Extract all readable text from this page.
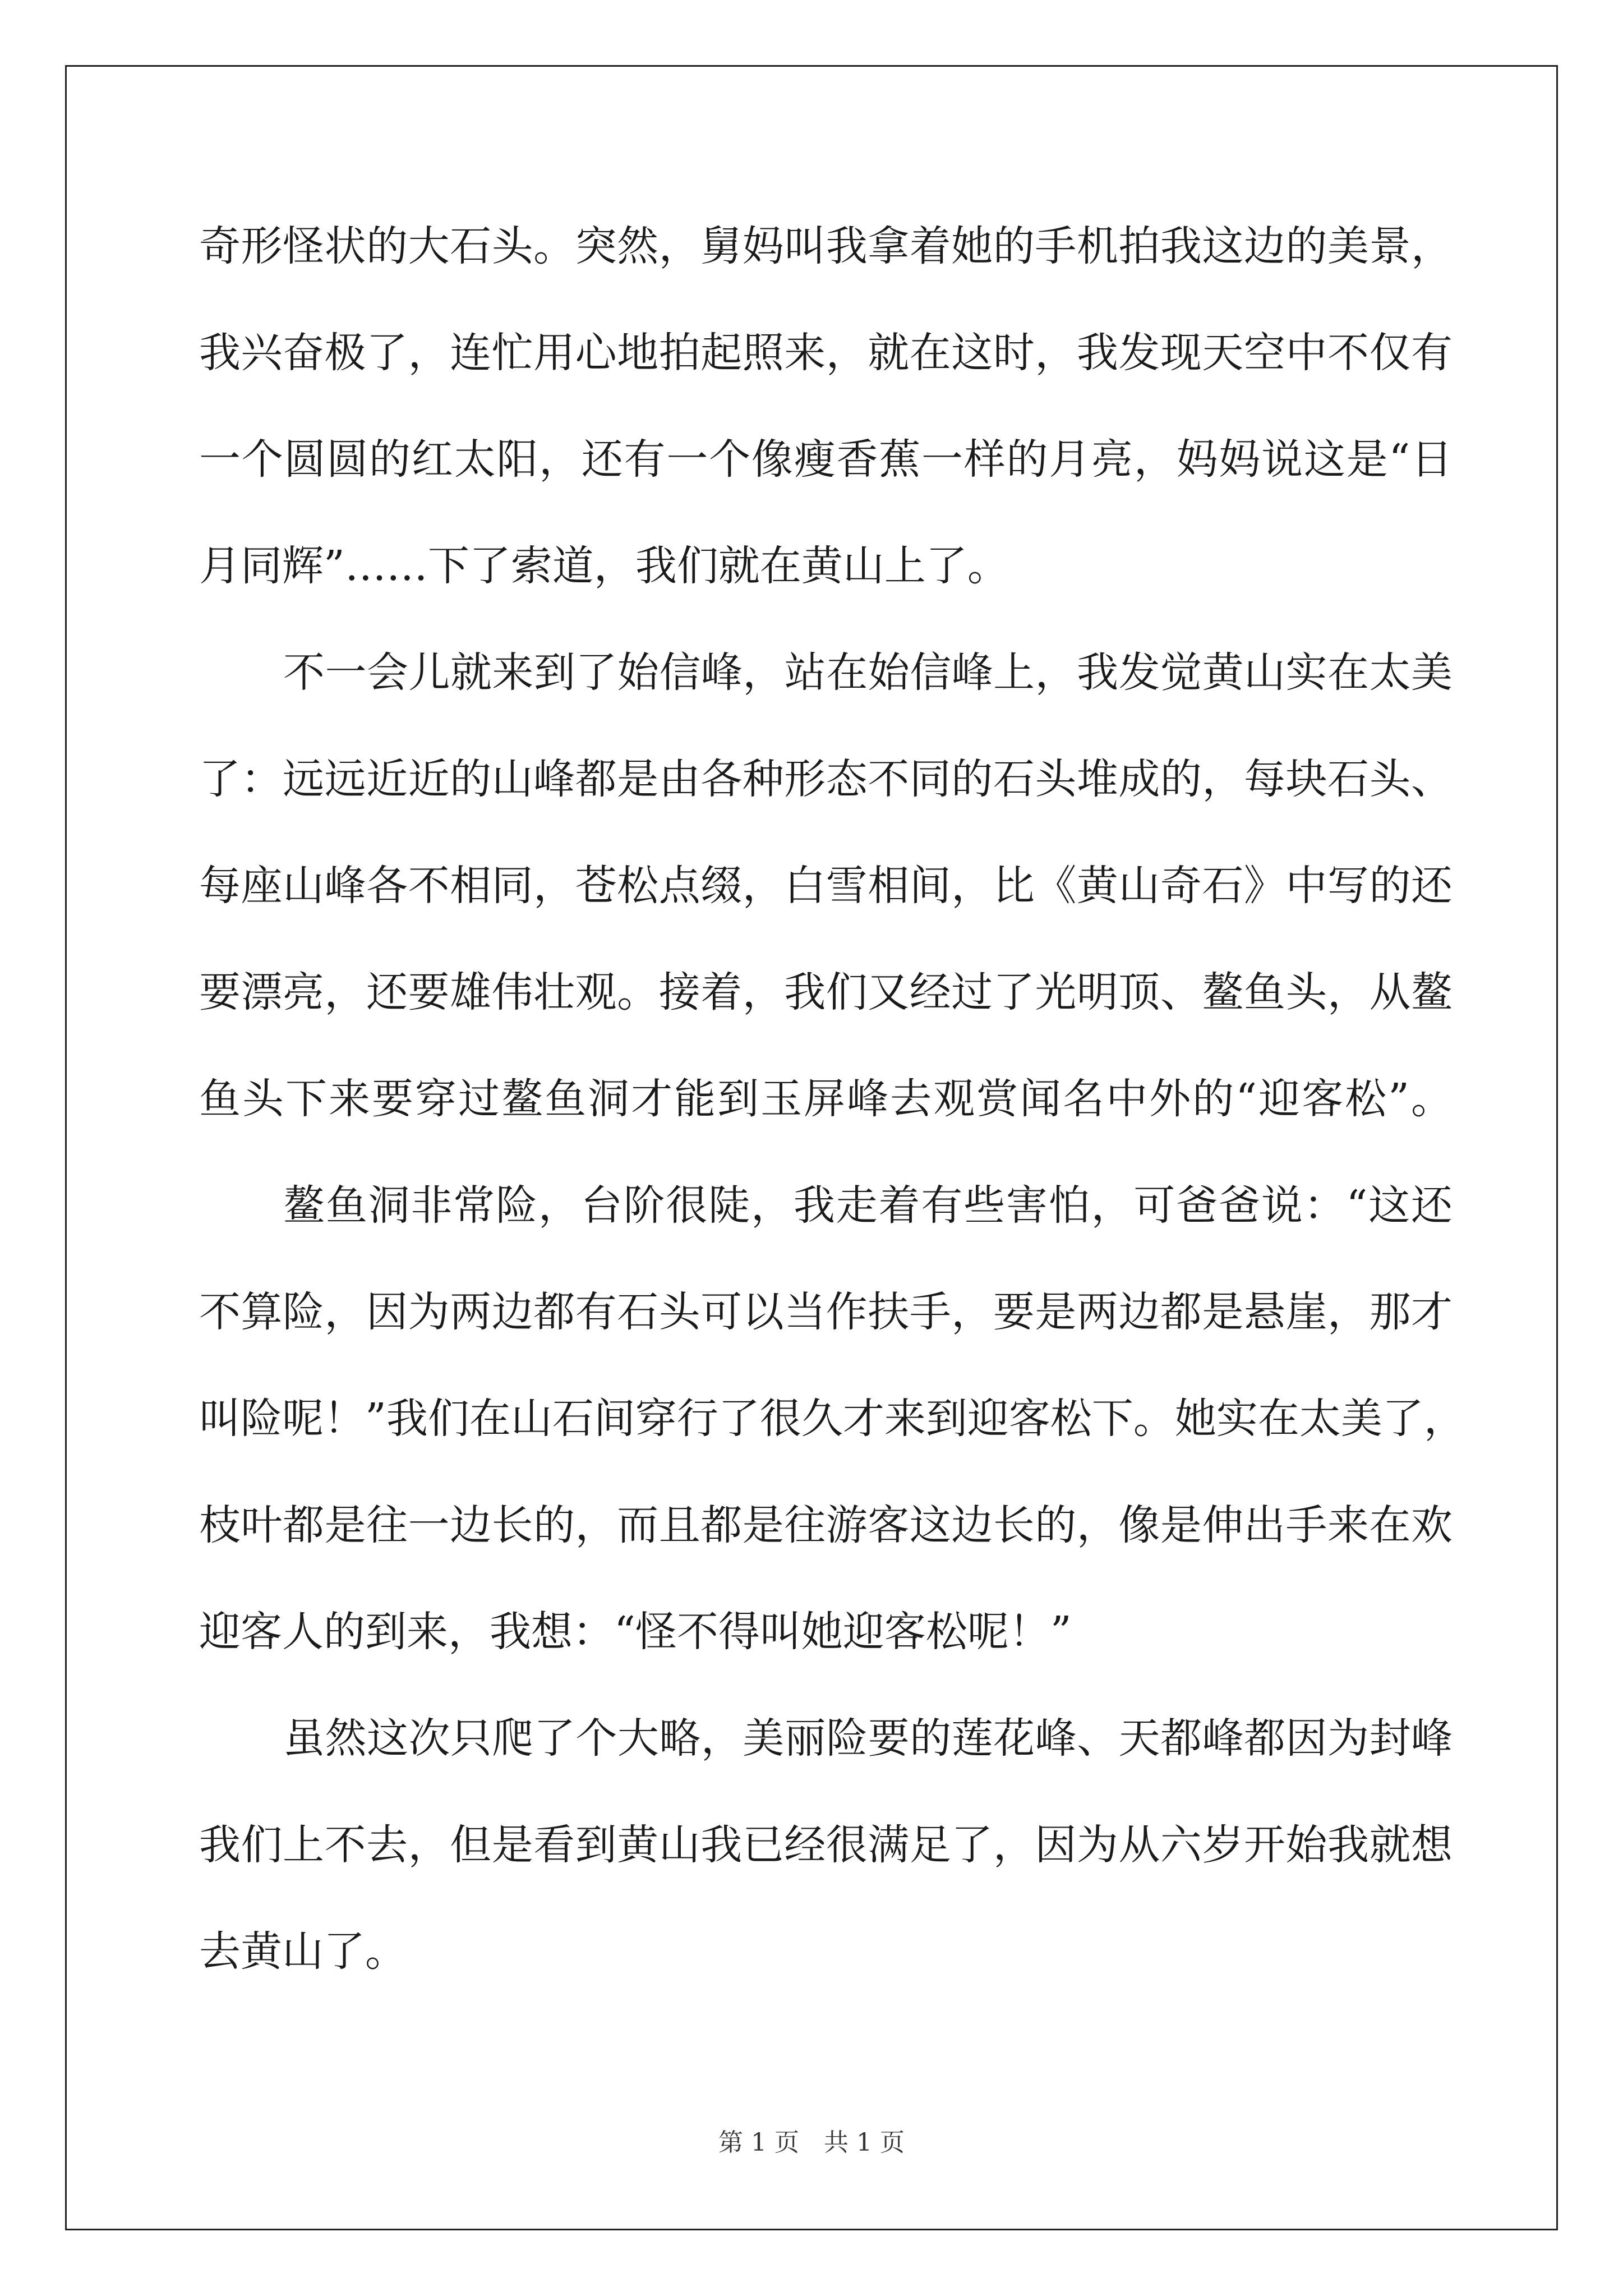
奇形怪状的大石头。突然，舅妈叫我拿着她的手机拍我这边的美景，
我兴奋极了，连忙用心地拍起照来，就在这时，我发现天空中不仅有
一个圆圆的红太阳，还有一个像瘦香蕉一样的月亮，妈妈说这是“日
月同辉”……下了索道，我们就在黄山上了。
不一会儿就来到了始信峰，站在始信峰上，我发觉黄山实在太美
了：远远近近的山峰都是由各种形态不同的石头堆成的，每块石头、
每座山峰各不相同，苍松点缀，白雪相间，比《黄山奇石》中写的还
要漂亮，还要雄伟壮观。接着，我们又经过了光明顶、鳌鱼头，从鳌
鱼头下来要穿过鳌鱼洞才能到玉屏峰去观赏闻名中外的“迎客松”。
鳌鱼洞非常险，台阶很陡，我走着有些害怕，可爸爸说：“这还
不算险，因为两边都有石头可以当作扶手，要是两边都是悬崖，那才
叫险呢！”我们在山石间穿行了很久才来到迎客松下。她实在太美了，
枝叶都是往一边长的，而且都是往游客这边长的，像是伸出手来在欢
迎客人的到来，我想：“怪不得叫她迎客松呢！”
虽然这次只爬了个大略，美丽险要的莲花峰、天都峰都因为封峰
我们上不去，但是看到黄山我已经很满足了，因为从六岁开始我就想
去黄山了。
第 1 页　共 1 页
